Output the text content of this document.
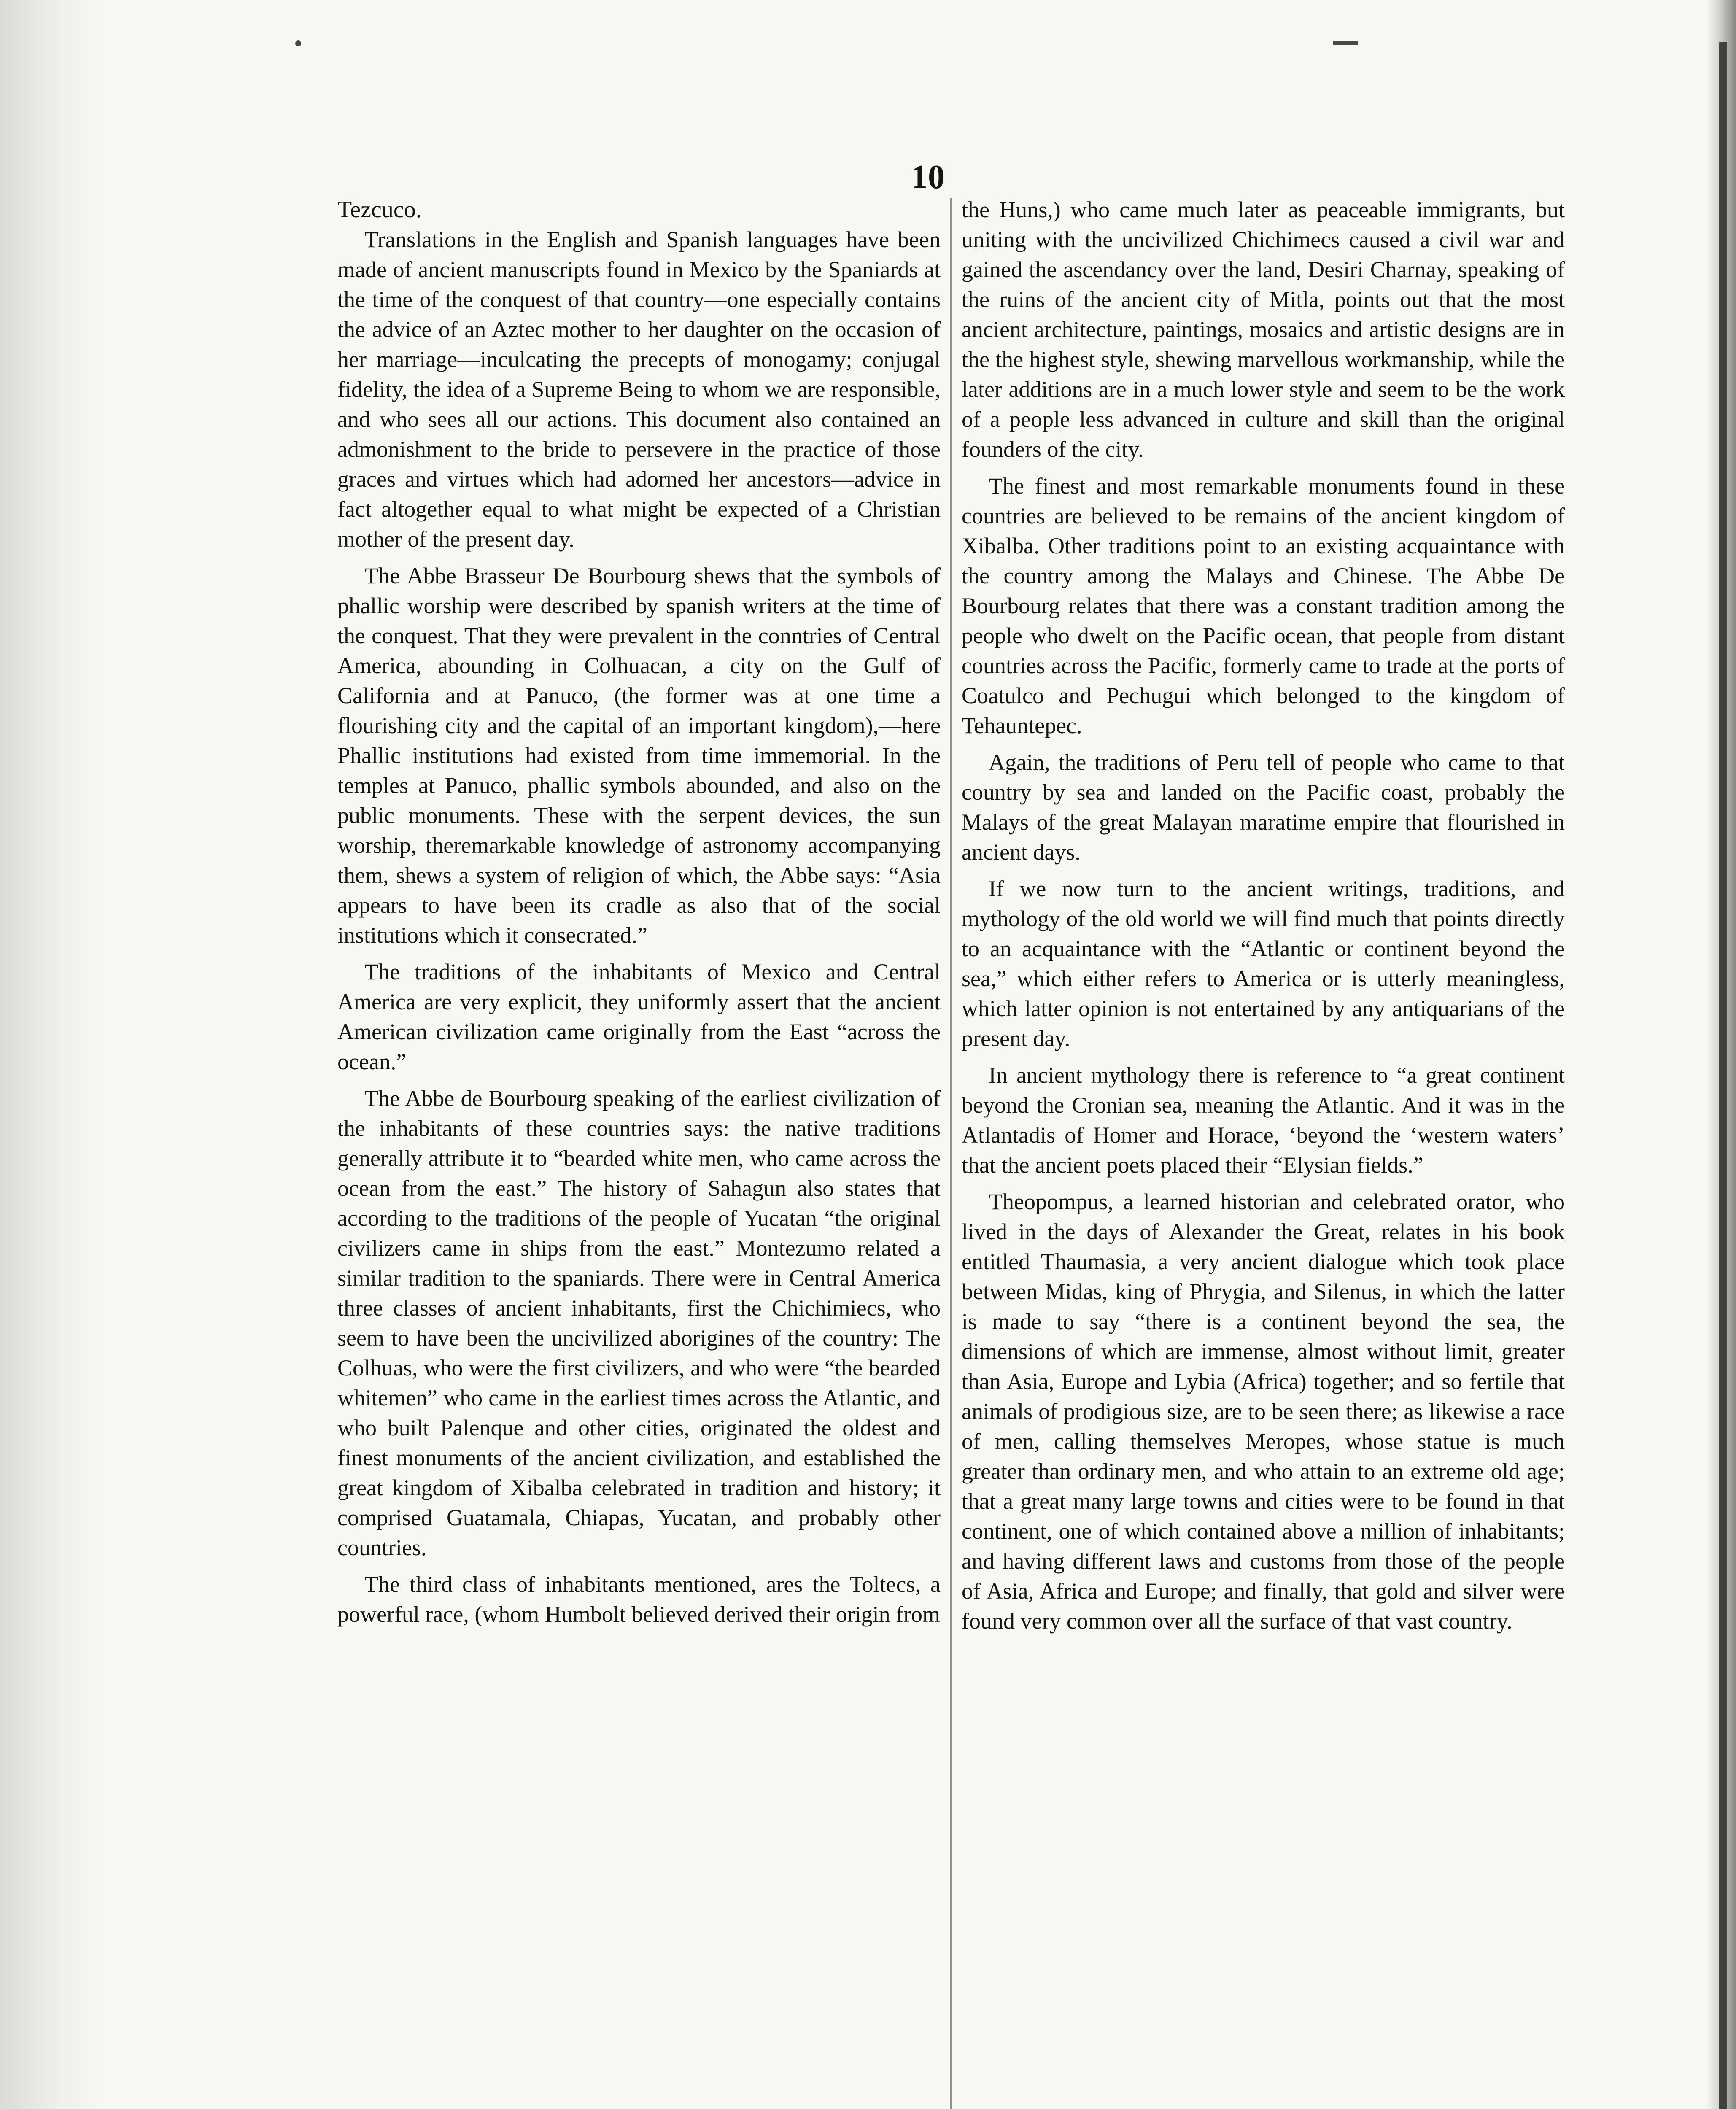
10

Tezcuco.

Translations in the English and Spanish languages have been made of ancient manuscripts found in Mexico by the Spaniards at the time of the conquest of that country—one especially contains the advice of an Aztec mother to her daughter on the occasion of her marriage—inculcating the precepts of monogamy; conjugal fidelity, the idea of a Supreme Being to whom we are responsible, and who sees all our actions. This document also contained an admonishment to the bride to persevere in the practice of those graces and virtues which had adorned her ancestors—advice in fact altogether equal to what might be expected of a Christian mother of the present day.

The Abbe Brasseur De Bourbourg shews that the symbols of phallic worship were described by spanish writers at the time of the conquest. That they were prevalent in the conntries of Central America, abounding in Colhuacan, a city on the Gulf of California and at Panuco, (the former was at one time a flourishing city and the capital of an important kingdom),—here Phallic institutions had existed from time immemorial. In the temples at Panuco, phallic symbols abounded, and also on the public monuments. These with the serpent devices, the sun worship, theremarkable knowledge of astronomy accompanying them, shews a system of religion of which, the Abbe says: “Asia appears to have been its cradle as also that of the social institutions which it consecrated.”

The traditions of the inhabitants of Mexico and Central America are very explicit, they uniformly assert that the ancient American civilization came originally from the East “across the ocean.”

The Abbe de Bourbourg speaking of the earliest civilization of the inhabitants of these countries says: the native traditions generally attribute it to “bearded white men, who came across the ocean from the east.” The history of Sahagun also states that according to the traditions of the people of Yucatan “the original civilizers came in ships from the east.” Montezumo related a similar tradition to the spaniards. There were in Central America three classes of ancient inhabitants, first the Chichimiecs, who seem to have been the uncivilized aborigines of the country: The Colhuas, who were the first civilizers, and who were “the bearded whitemen” who came in the earliest times across the Atlantic, and who built Palenque and other cities, originated the oldest and finest monuments of the ancient civilization, and established the great kingdom of Xibalba celebrated in tradition and history; it comprised Guatamala, Chiapas, Yucatan, and probably other countries.

The third class of inhabitants mentioned, ares the Toltecs, a powerful race, (whom Humbolt believed derived their origin from

the Huns,) who came much later as peaceable immigrants, but uniting with the uncivilized Chichimecs caused a civil war and gained the ascendancy over the land, Desiri Charnay, speaking of the ruins of the ancient city of Mitla, points out that the most ancient architecture, paintings, mosaics and artistic designs are in the the highest style, shewing marvellous workmanship, while the later additions are in a much lower style and seem to be the work of a people less advanced in culture and skill than the original founders of the city.

The finest and most remarkable monuments found in these countries are believed to be remains of the ancient kingdom of Xibalba. Other traditions point to an existing acquaintance with the country among the Malays and Chinese. The Abbe De Bourbourg relates that there was a constant tradition among the people who dwelt on the Pacific ocean, that people from distant countries across the Pacific, formerly came to trade at the ports of Coatulco and Pechugui which belonged to the kingdom of Tehauntepec.

Again, the traditions of Peru tell of people who came to that country by sea and landed on the Pacific coast, probably the Malays of the great Malayan maratime empire that flourished in ancient days.

If we now turn to the ancient writings, traditions, and mythology of the old world we will find much that points directly to an acquaintance with the “Atlantic or continent beyond the sea,” which either refers to America or is utterly meaningless, which latter opinion is not entertained by any antiquarians of the present day.

In ancient mythology there is reference to “a great continent beyond the Cronian sea, meaning the Atlantic. And it was in the Atlantadis of Homer and Horace, ‘beyond the ‘western waters’ that the ancient poets placed their “Elysian fields.”

Theopompus, a learned historian and celebrated orator, who lived in the days of Alexander the Great, relates in his book entitled Thaumasia, a very ancient dialogue which took place between Midas, king of Phrygia, and Silenus, in which the latter is made to say “there is a continent beyond the sea, the dimensions of which are immense, almost without limit, greater than Asia, Europe and Lybia (Africa) together; and so fertile that animals of prodigious size, are to be seen there; as likewise a race of men, calling themselves Meropes, whose statue is much greater than ordinary men, and who attain to an extreme old age; that a great many large towns and cities were to be found in that continent, one of which contained above a million of inhabitants; and having different laws and customs from those of the people of Asia, Africa and Europe; and finally, that gold and silver were found very common over all the surface of that vast country.
